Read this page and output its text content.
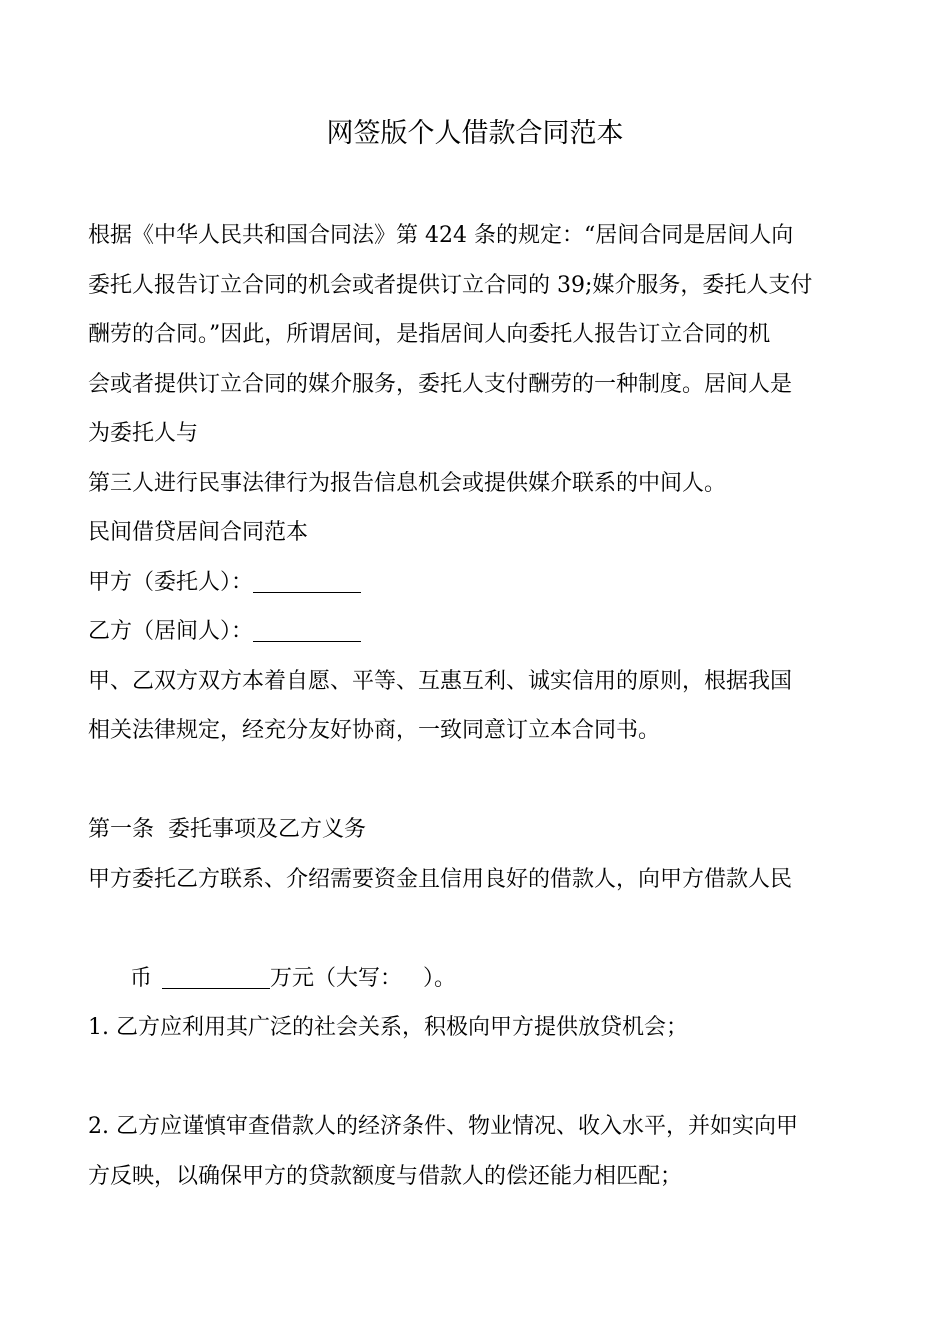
网签版个人借款合同范本
根据《中华人民共和国合同法》第 424 条的规定：“居间合同是居间人向
委托人报告订立合同的机会或者提供订立合同的 39;媒介服务，委托人支付
酬劳的合同。”因此，所谓居间，是指居间人向委托人报告订立合同的机
会或者提供订立合同的媒介服务，委托人支付酬劳的一种制度。居间人是
为委托人与
第三人进行民事法律行为报告信息机会或提供媒介联系的中间人。
民间借贷居间合同范本
甲方（委托人）：
乙方（居间人）：
甲、乙双方双方本着自愿、平等、互惠互利、诚实信用的原则，根据我国
相关法律规定，经充分友好协商，一致同意订立本合同书。
第一条  委托事项及乙方义务
甲方委托乙方联系、介绍需要资金且信用良好的借款人，向甲方借款人民

币	万元（大写：   ）。

1. 乙方应利用其广泛的社会关系，积极向甲方提供放贷机会；
2. 乙方应谨慎审查借款人的经济条件、物业情况、收入水平，并如实向甲
方反映，以确保甲方的贷款额度与借款人的偿还能力相匹配；
